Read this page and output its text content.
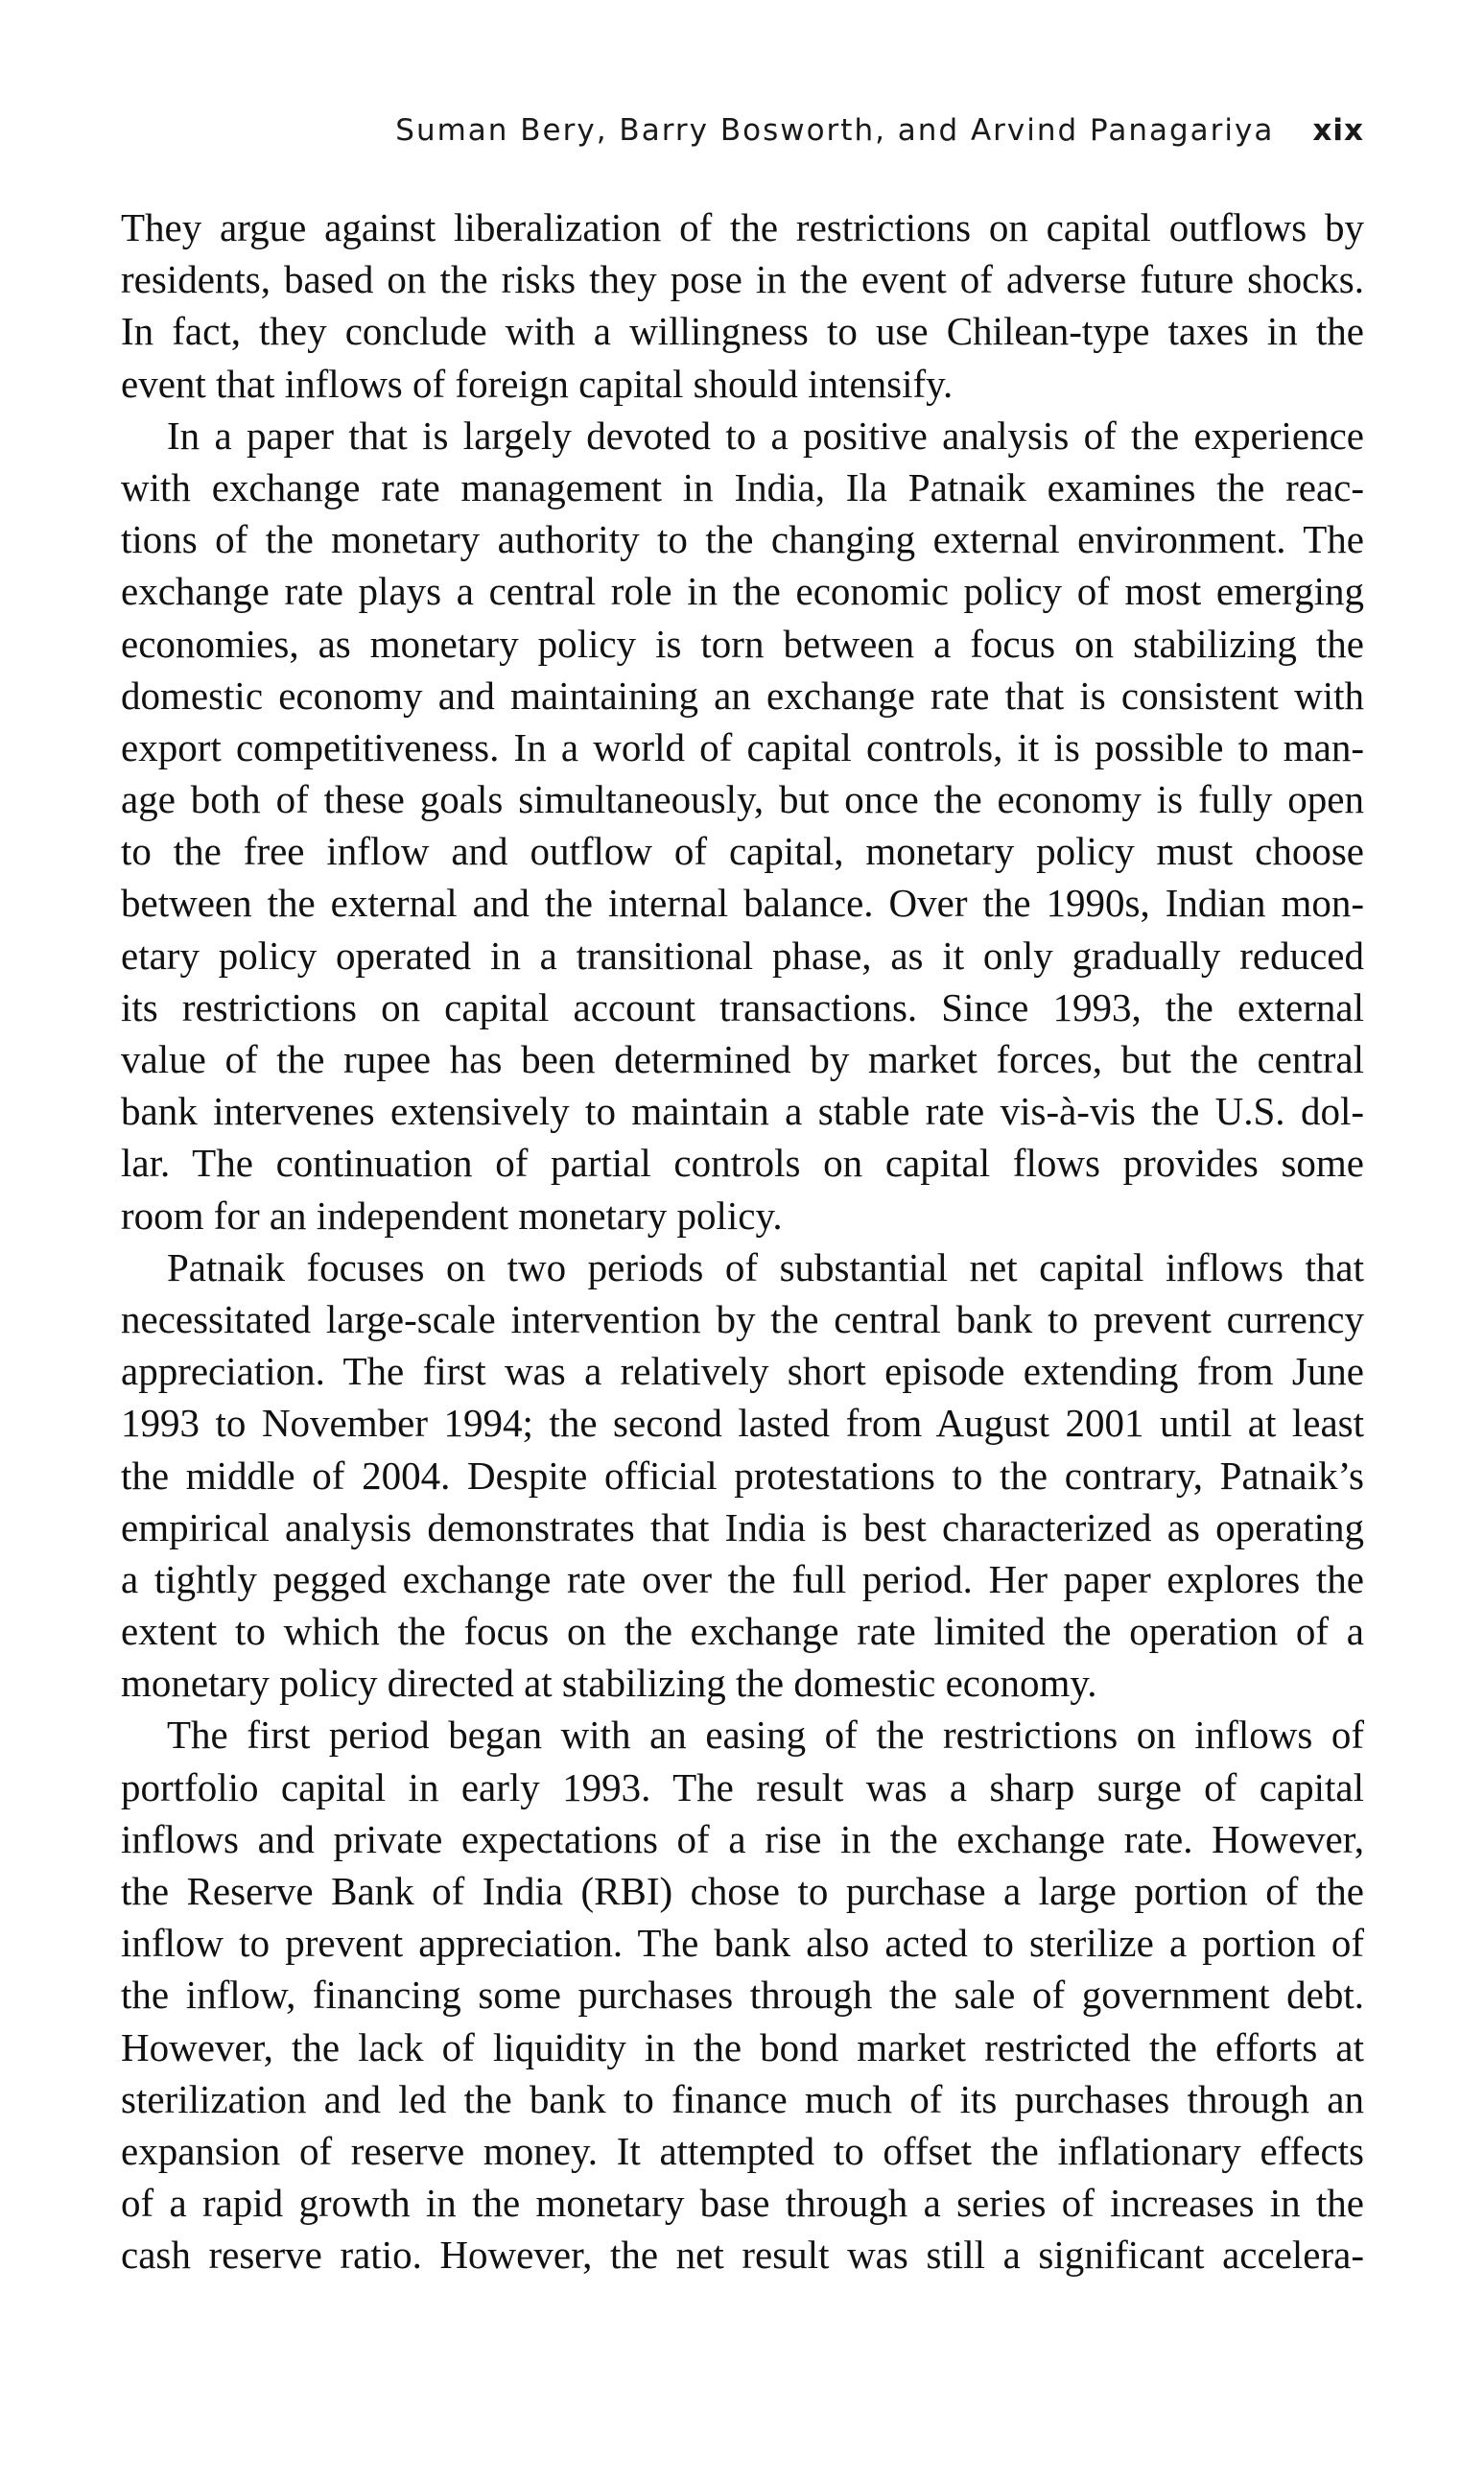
Suman Bery, Barry Bosworth, and Arvind Panagariya xix
They argue against liberalization of the restrictions on capital outflows by
residents, based on the risks they pose in the event of adverse future shocks.
In fact, they conclude with a willingness to use Chilean-type taxes in the
event that inflows of foreign capital should intensify.
In a paper that is largely devoted to a positive analysis of the experience
with exchange rate management in India, Ila Patnaik examines the reac-
tions of the monetary authority to the changing external environment. The
exchange rate plays a central role in the economic policy of most emerging
economies, as monetary policy is torn between a focus on stabilizing the
domestic economy and maintaining an exchange rate that is consistent with
export competitiveness. In a world of capital controls, it is possible to man-
age both of these goals simultaneously, but once the economy is fully open
to the free inflow and outflow of capital, monetary policy must choose
between the external and the internal balance. Over the 1990s, Indian mon-
etary policy operated in a transitional phase, as it only gradually reduced
its restrictions on capital account transactions. Since 1993, the external
value of the rupee has been determined by market forces, but the central
bank intervenes extensively to maintain a stable rate vis-à-vis the U.S. dol-
lar. The continuation of partial controls on capital flows provides some
room for an independent monetary policy.
Patnaik focuses on two periods of substantial net capital inflows that
necessitated large-scale intervention by the central bank to prevent currency
appreciation. The first was a relatively short episode extending from June
1993 to November 1994; the second lasted from August 2001 until at least
the middle of 2004. Despite official protestations to the contrary, Patnaik’s
empirical analysis demonstrates that India is best characterized as operating
a tightly pegged exchange rate over the full period. Her paper explores the
extent to which the focus on the exchange rate limited the operation of a
monetary policy directed at stabilizing the domestic economy.
The first period began with an easing of the restrictions on inflows of
portfolio capital in early 1993. The result was a sharp surge of capital
inflows and private expectations of a rise in the exchange rate. However,
the Reserve Bank of India (RBI) chose to purchase a large portion of the
inflow to prevent appreciation. The bank also acted to sterilize a portion of
the inflow, financing some purchases through the sale of government debt.
However, the lack of liquidity in the bond market restricted the efforts at
sterilization and led the bank to finance much of its purchases through an
expansion of reserve money. It attempted to offset the inflationary effects
of a rapid growth in the monetary base through a series of increases in the
cash reserve ratio. However, the net result was still a significant accelera-
